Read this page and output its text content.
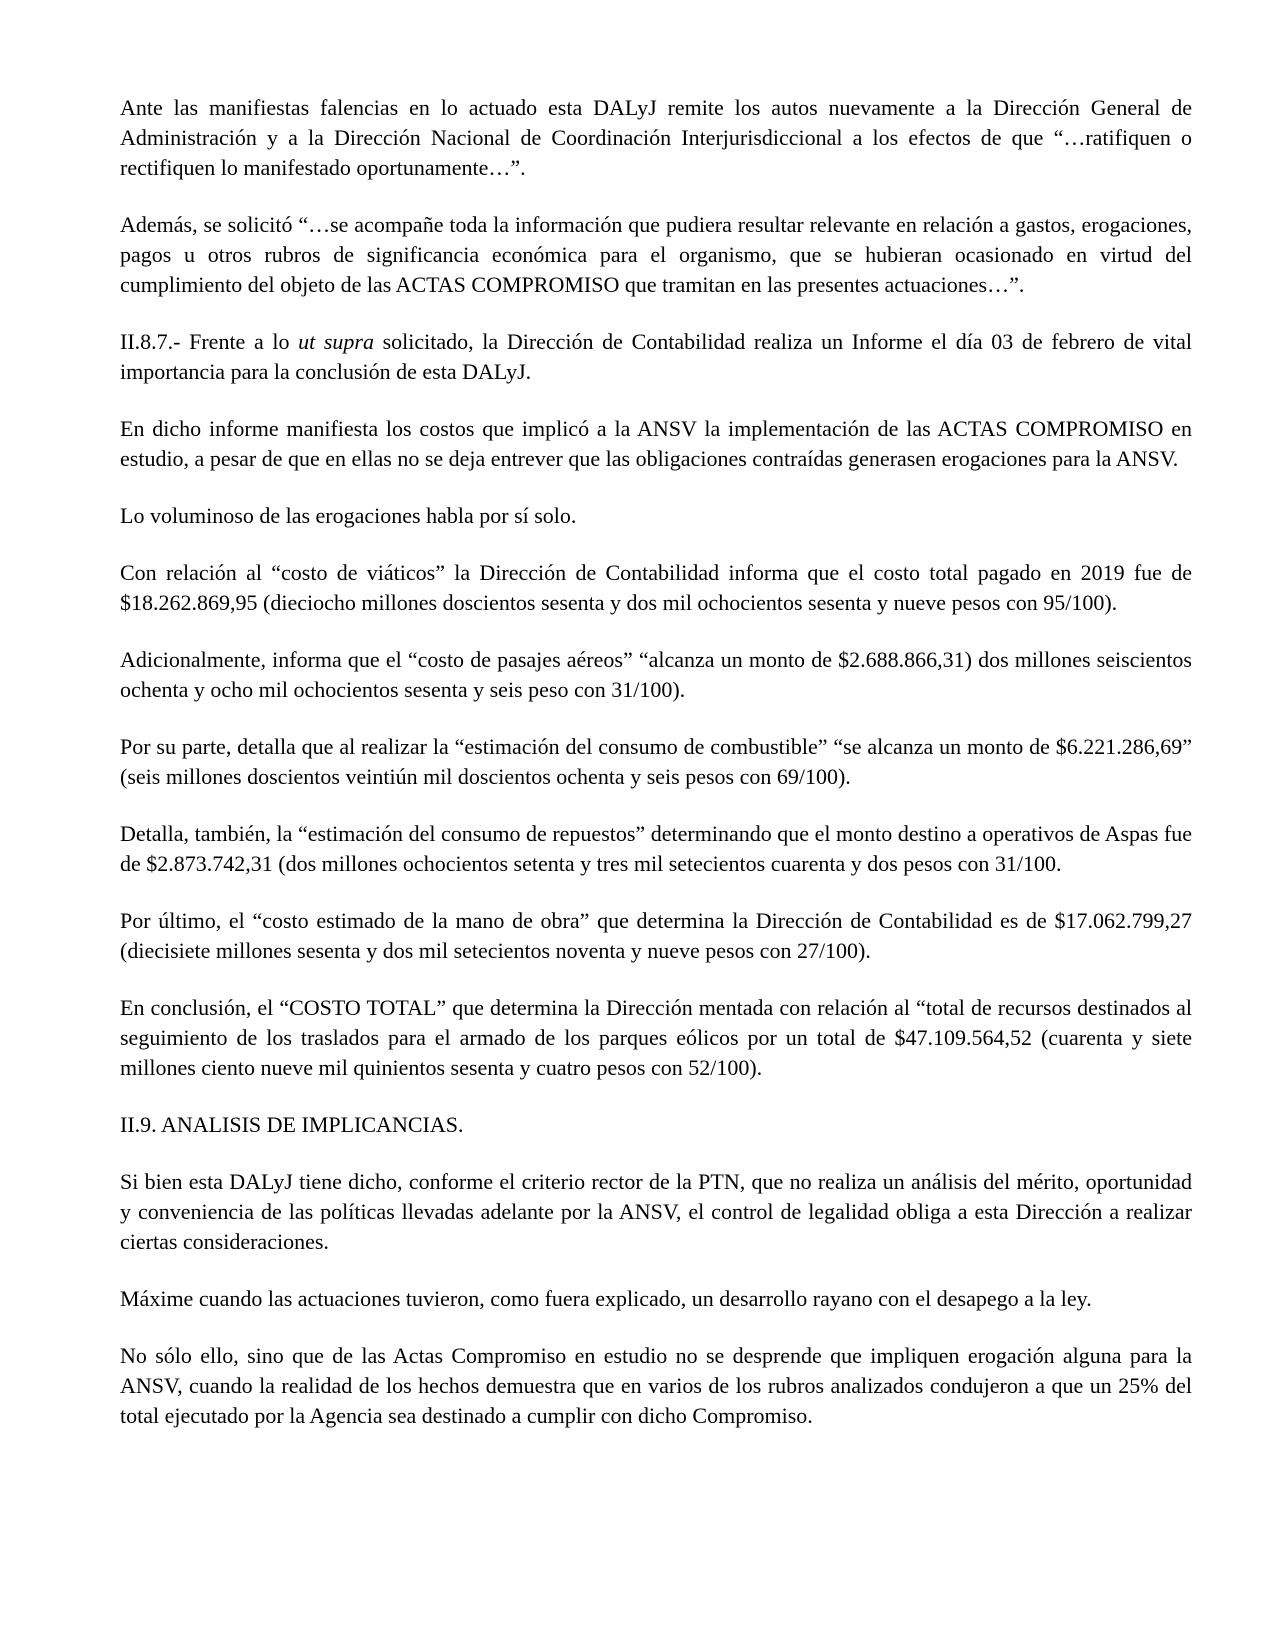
Ante las manifiestas falencias en lo actuado esta DALyJ remite los autos nuevamente a la Dirección General de Administración y a la Dirección Nacional de Coordinación Interjurisdiccional a los efectos de que “…ratifiquen o rectifiquen lo manifestado oportunamente…”.

Además, se solicitó “…se acompañe toda la información que pudiera resultar relevante en relación a gastos, erogaciones, pagos u otros rubros de significancia económica para el organismo, que se hubieran ocasionado en virtud del cumplimiento del objeto de las ACTAS COMPROMISO que tramitan en las presentes actuaciones…”.

II.8.7.- Frente a lo ut supra solicitado, la Dirección de Contabilidad realiza un Informe el día 03 de febrero de vital importancia para la conclusión de esta DALyJ.

En dicho informe manifiesta los costos que implicó a la ANSV la implementación de las ACTAS COMPROMISO en estudio, a pesar de que en ellas no se deja entrever que las obligaciones contraídas generasen erogaciones para la ANSV.

Lo voluminoso de las erogaciones habla por sí solo.

Con relación al “costo de viáticos” la Dirección de Contabilidad informa que el costo total pagado en 2019 fue de $18.262.869,95 (dieciocho millones doscientos sesenta y dos mil ochocientos sesenta y nueve pesos con 95/100).

Adicionalmente, informa que el “costo de pasajes aéreos” “alcanza un monto de $2.688.866,31) dos millones seiscientos ochenta y ocho mil ochocientos sesenta y seis peso con 31/100).

Por su parte, detalla que al realizar la “estimación del consumo de combustible” “se alcanza un monto de $6.221.286,69” (seis millones doscientos veintiún mil doscientos ochenta y seis pesos con 69/100).

Detalla, también, la “estimación del consumo de repuestos” determinando que el monto destino a operativos de Aspas fue de $2.873.742,31 (dos millones ochocientos setenta y tres mil setecientos cuarenta y dos pesos con 31/100.

Por último, el “costo estimado de la mano de obra” que determina la Dirección de Contabilidad es de $17.062.799,27 (diecisiete millones sesenta y dos mil setecientos noventa y nueve pesos con 27/100).

En conclusión, el “COSTO TOTAL” que determina la Dirección mentada con relación al “total de recursos destinados al seguimiento de los traslados para el armado de los parques eólicos por un total de $47.109.564,52 (cuarenta y siete millones ciento nueve mil quinientos sesenta y cuatro pesos con 52/100).

II.9. ANALISIS DE IMPLICANCIAS.

Si bien esta DALyJ tiene dicho, conforme el criterio rector de la PTN, que no realiza un análisis del mérito, oportunidad y conveniencia de las políticas llevadas adelante por la ANSV, el control de legalidad obliga a esta Dirección a realizar ciertas consideraciones.

Máxime cuando las actuaciones tuvieron, como fuera explicado, un desarrollo rayano con el desapego a la ley.

No sólo ello, sino que de las Actas Compromiso en estudio no se desprende que impliquen erogación alguna para la ANSV, cuando la realidad de los hechos demuestra que en varios de los rubros analizados condujeron a que un 25% del total ejecutado por la Agencia sea destinado a cumplir con dicho Compromiso.
